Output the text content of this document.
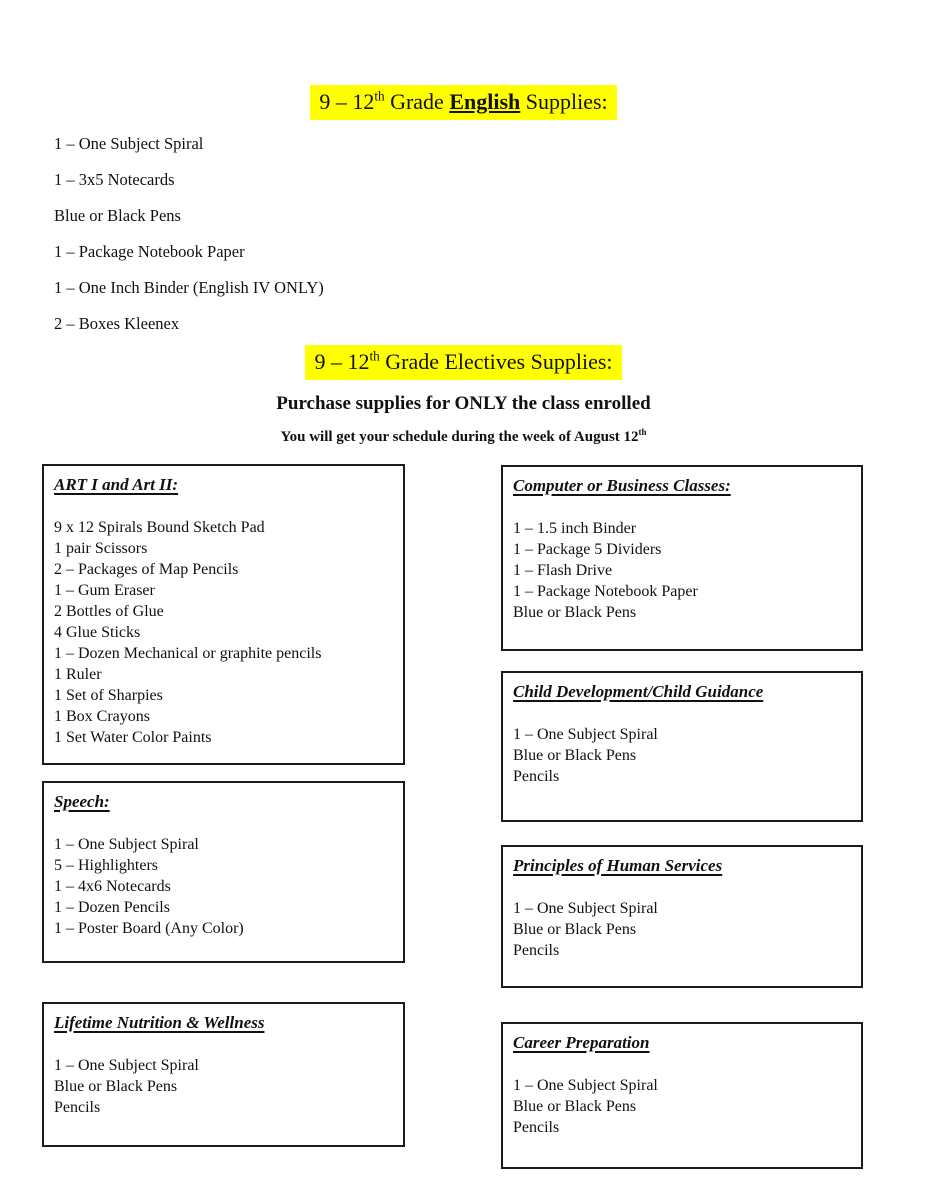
9 – 12th Grade English Supplies:
1 – One Subject Spiral
1 – 3x5 Notecards
Blue or Black Pens
1 – Package Notebook Paper
1 – One Inch Binder (English IV ONLY)
2 – Boxes Kleenex
9 – 12th Grade Electives Supplies:
Purchase supplies for ONLY the class enrolled
You will get your schedule during the week of August 12th
ART I and Art II:
9 x 12 Spirals Bound Sketch Pad
1 pair Scissors
2 – Packages of Map Pencils
1 – Gum Eraser
2 Bottles of Glue
4 Glue Sticks
1 – Dozen Mechanical or graphite pencils
1 Ruler
1 Set of Sharpies
1 Box Crayons
1 Set Water Color Paints
Speech:
1 – One Subject Spiral
5 – Highlighters
1 – 4x6 Notecards
1 – Dozen Pencils
1 – Poster Board (Any Color)
Lifetime Nutrition & Wellness
1 – One Subject Spiral
Blue or Black Pens
Pencils
Computer or Business Classes:
1 – 1.5 inch Binder
1 – Package 5 Dividers
1 – Flash Drive
1 – Package Notebook Paper
Blue or Black Pens
Child Development/Child Guidance
1 – One Subject Spiral
Blue or Black Pens
Pencils
Principles of Human Services
1 – One Subject Spiral
Blue or Black Pens
Pencils
Career Preparation
1 – One Subject Spiral
Blue or Black Pens
Pencils
